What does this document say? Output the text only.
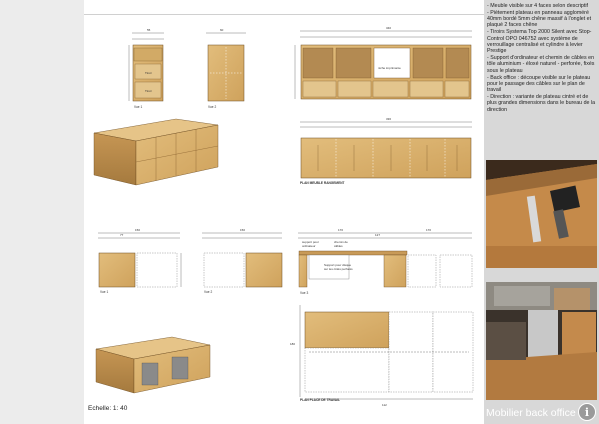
Vue 1	Vue 2
PLAN MEUBLE RANGEMENT
Vue 1	Vue 2	Vue 3
PLAN PLACE DE TRAVAIL
Tiroir
Tiroir
niche imprimante
support pour ordinateur
chemin de câbles
Support pour disque sur les côtés perforés
55	60	340
336
150	150	170	170
127
77
180
112
Echelle: 1: 40
- Meuble visible sur 4 faces selon descriptif
- Piètement plateau en panneau aggloméré 40mm bordé 5mm chêne massif à l'onglet et plaqué 2 faces chêne
- Tiroirs Systema Top 2000 Silent avec Stop-Control OPO 046752 avec système de verrouillage centralisé et cylindre à levier Prestige
- Support d'ordinateur et chemin de câbles en tôle aluminium - éloxé naturel - perforée, fixés sous le plateau
- Back office : découpe visible sur le plateau pour le passage des câbles sur le plan de travail
- Direction : variante de plateau cintré et de plus grandes dimensions dans le bureau de la direction
Mobilier back office i
